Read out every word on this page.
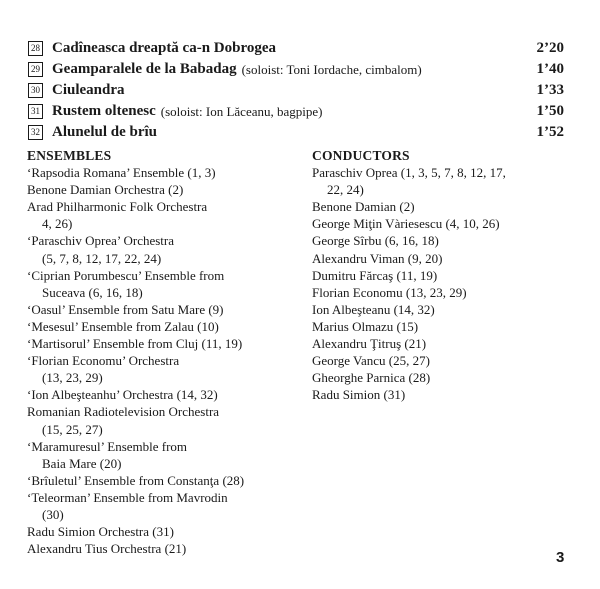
28 Cadîneasca dreaptă ca-n Dobrogea	2’20
29 Geamparalele de la Babadag (soloist: Toni Iordache, cimbalom)	1’40
30 Ciuleandra	1’33
31 Rustem oltenesc (soloist: Ion Lăceanu, bagpipe)	1’50
32 Alunelul de brîu	1’52
ENSEMBLES
‘Rapsodia Romana’ Ensemble (1, 3)
Benone Damian Orchestra (2)
Arad Philharmonic Folk Orchestra
4, 26)
‘Paraschiv Oprea’ Orchestra
(5, 7, 8, 12, 17, 22, 24)
‘Ciprian Porumbescu’ Ensemble from
Suceava (6, 16, 18)
‘Oasul’ Ensemble from Satu Mare (9)
‘Mesesul’ Ensemble from Zalau (10)
‘Martisorul’ Ensemble from Cluj (11, 19)
‘Florian Economu’ Orchestra
(13, 23, 29)
‘Ion Albeşteanhu’ Orchestra (14, 32)
Romanian Radiotelevision Orchestra
(15, 25, 27)
‘Maramuresul’ Ensemble from
Baia Mare (20)
‘Brîuletul’ Ensemble from Constanţa (28)
‘Teleorman’ Ensemble from Mavrodin
(30)
Radu Simion Orchestra (31)
Alexandru Tius Orchestra (21)
CONDUCTORS
Paraschiv Oprea (1, 3, 5, 7, 8, 12, 17,
22, 24)
Benone Damian (2)
George Miţin Vàriesescu (4, 10, 26)
George Sîrbu (6, 16, 18)
Alexandru Viman (9, 20)
Dumitru Fărcaş (11, 19)
Florian Economu (13, 23, 29)
Ion Albeşteanu (14, 32)
Marius Olmazu (15)
Alexandru Ţitruş (21)
George Vancu (25, 27)
Gheorghe Parnica (28)
Radu Simion (31)
3
